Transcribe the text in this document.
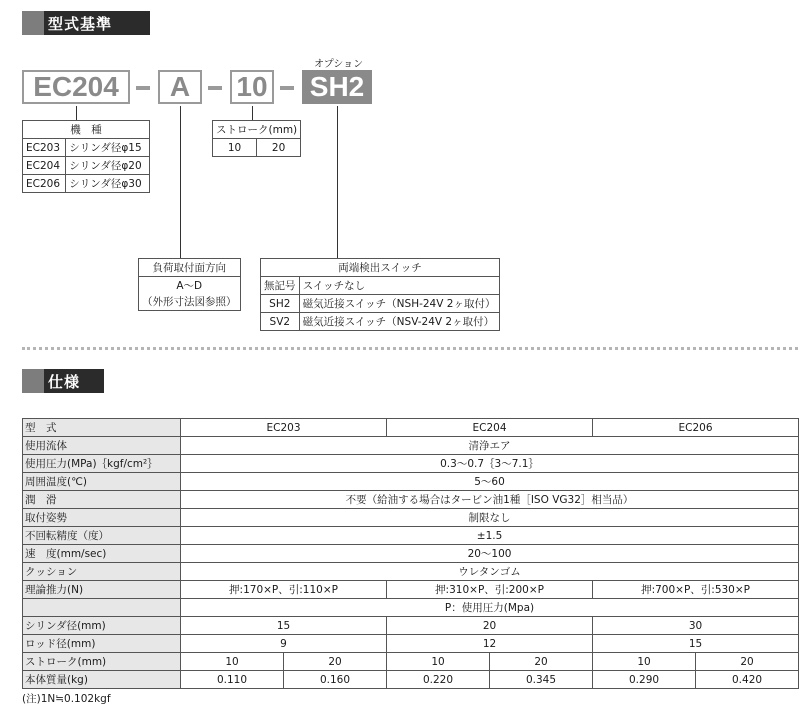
型式基準
オプション
EC204	A	10 SH2
機　種	
EC203	シリンダ径φ15
EC204	シリンダ径φ20
EC206	シリンダ径φ30
ストローク(mm)
10	20
負荷取付面方向

A～D
（外形寸法図参照）
両端検出スイッチ	
無記号	スイッチなし
SH2	磁気近接スイッチ（NSH-24V 2ヶ取付）
SV2	磁気近接スイッチ（NSV-24V 2ヶ取付）
仕様
型　式	EC203		EC204		EC206	
使用流体	清浄エア					
使用圧力(MPa)｛kgf/cm²｝	0.3～0.7｛3～7.1｝					
周囲温度(℃)	5～60					
潤　滑	不要（給油する場合はタービン油1種［ISO VG32］相当品）					
取付姿勢	制限なし					
不回転精度（度）	±1.5					
速　度(mm/sec)	20～100					
クッション	ウレタンゴム					
理論推力(N)	押:170×P、引:110×P		押:310×P、引:200×P		押:700×P、引:530×P	
	P：使用圧力(Mpa)					
シリンダ径(mm)	15		20		30	
ロッド径(mm)	9		12		15	
ストローク(mm)	10	20	10	20	10	20
本体質量(kg)	0.110	0.160	0.220	0.345	0.290	0.420
(注)1N≒0.102kgf
